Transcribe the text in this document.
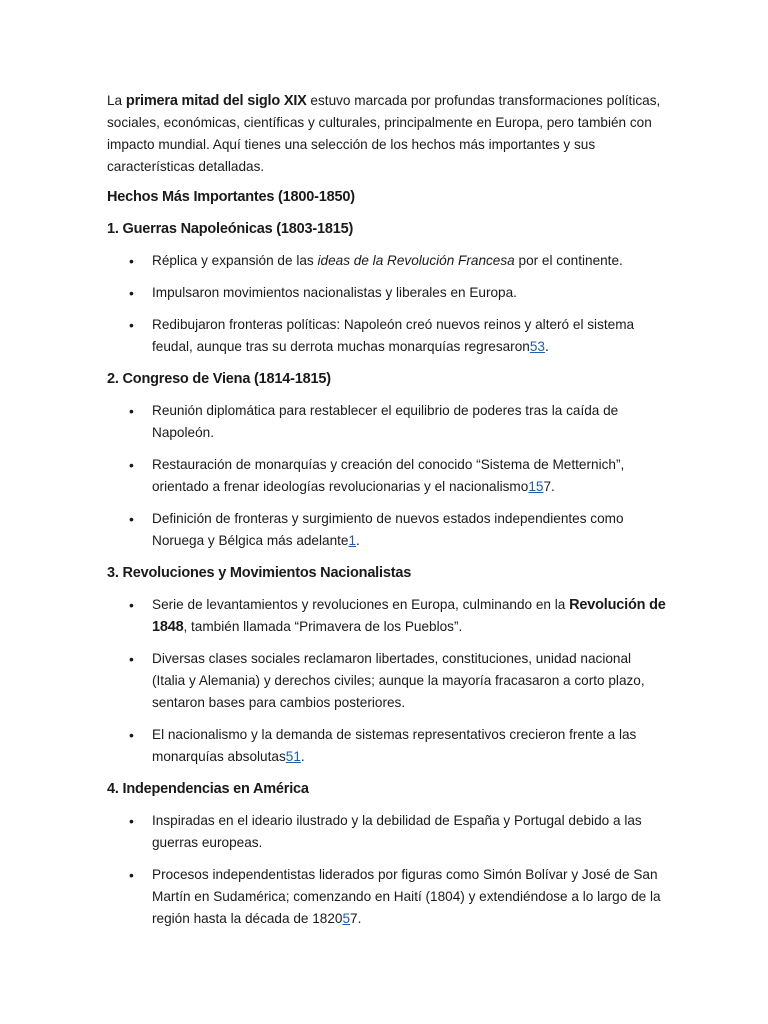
La primera mitad del siglo XIX estuvo marcada por profundas transformaciones políticas, sociales, económicas, científicas y culturales, principalmente en Europa, pero también con impacto mundial. Aquí tienes una selección de los hechos más importantes y sus características detalladas.

Hechos Más Importantes (1800-1850)
1. Guerras Napoleónicas (1803-1815)
• Réplica y expansión de las ideas de la Revolución Francesa por el continente.
• Impulsaron movimientos nacionalistas y liberales en Europa.
• Redibujaron fronteras políticas: Napoleón creó nuevos reinos y alteró el sistema feudal, aunque tras su derrota muchas monarquías regresaron53.
2. Congreso de Viena (1814-1815)
• Reunión diplomática para restablecer el equilibrio de poderes tras la caída de Napoleón.
• Restauración de monarquías y creación del conocido “Sistema de Metternich”, orientado a frenar ideologías revolucionarias y el nacionalismo157.
• Definición de fronteras y surgimiento de nuevos estados independientes como Noruega y Bélgica más adelante1.
3. Revoluciones y Movimientos Nacionalistas
• Serie de levantamientos y revoluciones en Europa, culminando en la Revolución de 1848, también llamada “Primavera de los Pueblos”.
• Diversas clases sociales reclamaron libertades, constituciones, unidad nacional (Italia y Alemania) y derechos civiles; aunque la mayoría fracasaron a corto plazo, sentaron bases para cambios posteriores.
• El nacionalismo y la demanda de sistemas representativos crecieron frente a las monarquías absolutas51.
4. Independencias en América
• Inspiradas en el ideario ilustrado y la debilidad de España y Portugal debido a las guerras europeas.
• Procesos independentistas liderados por figuras como Simón Bolívar y José de San Martín en Sudamérica; comenzando en Haití (1804) y extendiéndose a lo largo de la región hasta la década de 182057.
